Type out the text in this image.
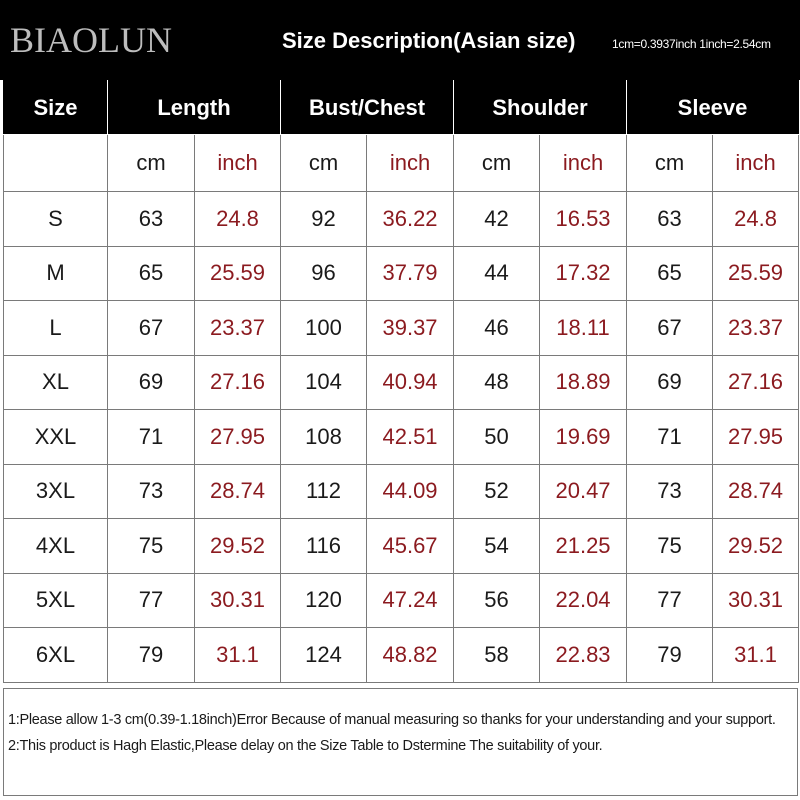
BIAOLUN	Size Description(Asian size)	1cm=0.3937inch 1inch=2.54cm
Size	Length		Bust/Chest		Shoulder		Sleeve	
	cm	inch	cm	inch	cm	inch	cm	inch
S	63	24.8	92	36.22	42	16.53	63	24.8
M	65	25.59	96	37.79	44	17.32	65	25.59
L	67	23.37	100	39.37	46	18.11	67	23.37
XL	69	27.16	104	40.94	48	18.89	69	27.16
XXL	71	27.95	108	42.51	50	19.69	71	27.95
3XL	73	28.74	112	44.09	52	20.47	73	28.74
4XL	75	29.52	116	45.67	54	21.25	75	29.52
5XL	77	30.31	120	47.24	56	22.04	77	30.31
6XL	79	31.1	124	48.82	58	22.83	79	31.1
1:Please allow 1-3 cm(0.39-1.18inch)Error Because of manual measuring so thanks for your understanding and your support.
2:This product is Hagh Elastic,Please delay on the Size Table to Dstermine The suitability of your.
